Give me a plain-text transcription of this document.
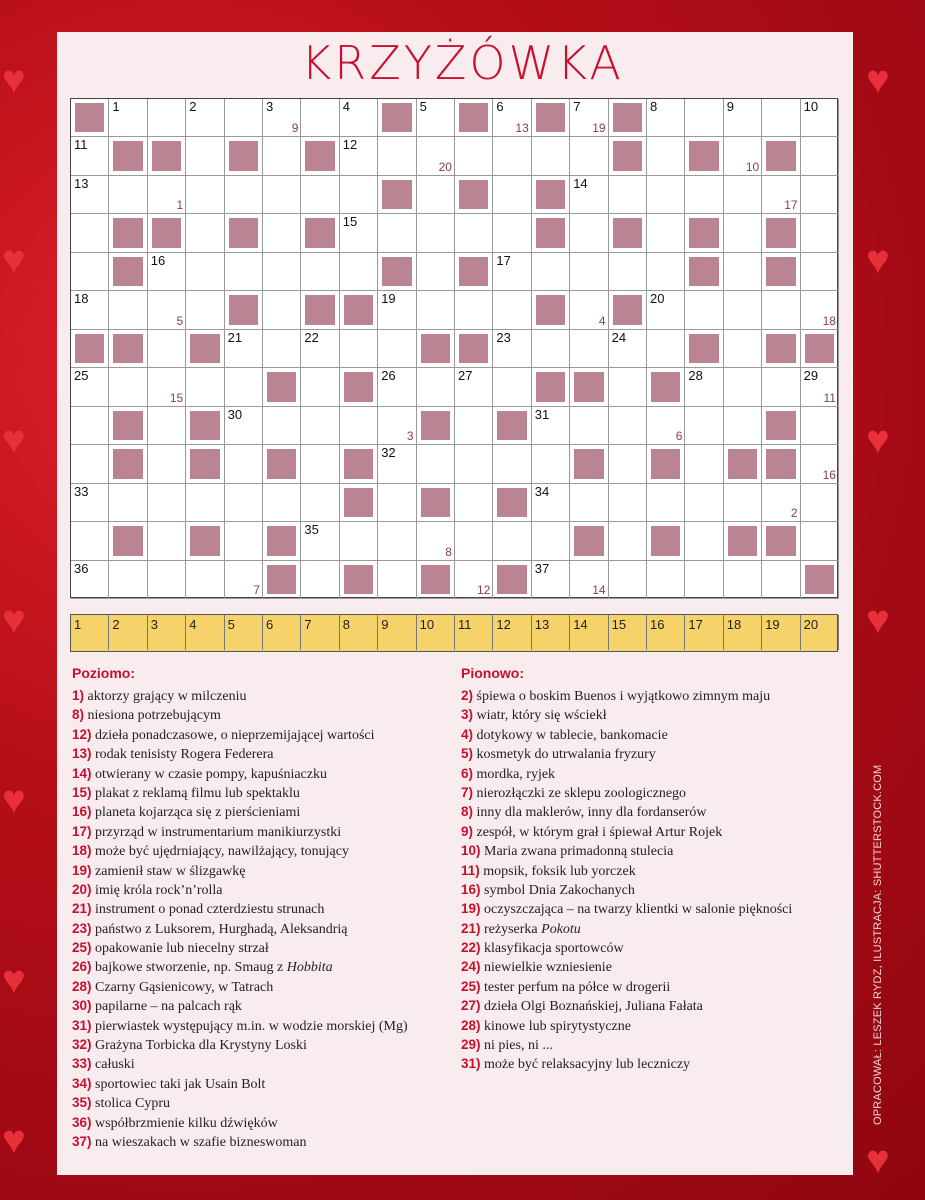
♥
♥
♥
♥
♥
♥
♥
♥
♥
♥
♥
♥
KRZYŻÓWKA
1	2	3
9
4	5	6
13
7
19
8	9	10
11	12
20	10
13
1
14
17
15
16	17
18
5
19
4
20
18
21	22	23	24
25
15
26	27	28	29
11
30
3
31
6
32
16
33	34
2
35
8
36
7	12
37
14
1	2	3	4	5	6	7	8	9	10	11	12	13	14	15	16	17	18	19	20
Poziomo:
1) aktorzy grający w milczeniu
8) niesiona potrzebującym
12) dzieła ponadczasowe, o nieprzemijającej wartości
13) rodak tenisisty Rogera Federera
14) otwierany w czasie pompy, kapuśniaczku
15) plakat z reklamą filmu lub spektaklu
16) planeta kojarząca się z pierścieniami
17) przyrząd w instrumentarium manikiurzystki
18) może być ujędrniający, nawilżający, tonujący
19) zamienił staw w ślizgawkę
20) imię króla rock’n’rolla
21) instrument o ponad czterdziestu strunach
23) państwo z Luksorem, Hurghadą, Aleksandrią
25) opakowanie lub niecelny strzał
26) bajkowe stworzenie, np. Smaug z Hobbita
28) Czarny Gąsienicowy, w Tatrach
30) papilarne – na palcach rąk
31) pierwiastek występujący m.in. w wodzie morskiej (Mg)
32) Grażyna Torbicka dla Krystyny Loski
33) całuski
34) sportowiec taki jak Usain Bolt
35) stolica Cypru
36) współbrzmienie kilku dźwięków
37) na wieszakach w szafie bizneswoman
Pionowo:
2) śpiewa o boskim Buenos i wyjątkowo zimnym maju
3) wiatr, który się wściekł
4) dotykowy w tablecie, bankomacie
5) kosmetyk do utrwalania fryzury
6) mordka, ryjek
7) nierozłączki ze sklepu zoologicznego
8) inny dla maklerów, inny dla fordanserów
9) zespół, w którym grał i śpiewał Artur Rojek
10) Maria zwana primadonną stulecia
11) mopsik, foksik lub yorczek
16) symbol Dnia Zakochanych
19) oczyszczająca – na twarzy klientki w salonie piękności
21) reżyserka Pokotu
22) klasyfikacja sportowców
24) niewielkie wzniesienie
25) tester perfum na półce w drogerii
27) dzieła Olgi Boznańskiej, Juliana Fałata
28) kinowe lub spirytystyczne
29) ni pies, ni ...
31) może być relaksacyjny lub leczniczy	OPRACOWAŁ: LESZEK RYDZ, ILUSTRACJA: SHUTTERSTOCK.COM
